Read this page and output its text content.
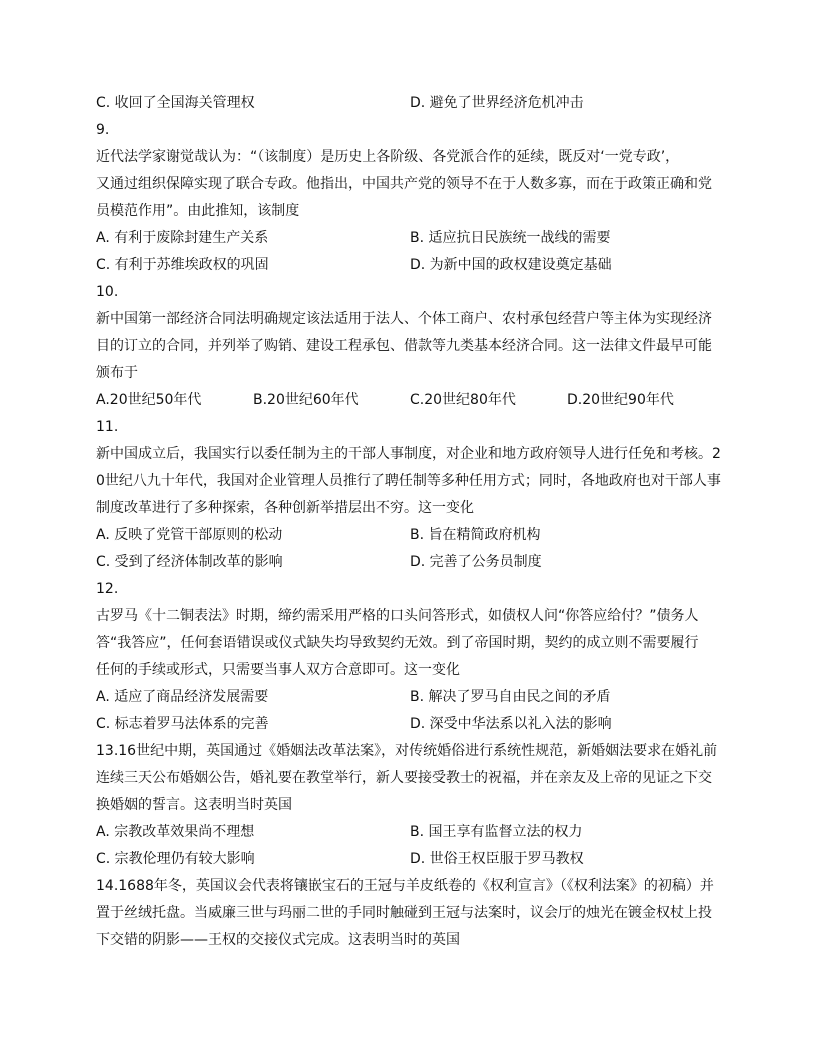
C. 收回了全国海关管理权	D. 避免了世界经济危机冲击
9.
近代法学家谢觉哉认为：“（该制度）是历史上各阶级、各党派合作的延续，既反对‘一党专政’，
又通过组织保障实现了联合专政。他指出，中国共产党的领导不在于人数多寡，而在于政策正确和党
员模范作用”。由此推知，该制度
A. 有利于废除封建生产关系	B. 适应抗日民族统一战线的需要
C. 有利于苏维埃政权的巩固	D. 为新中国的政权建设奠定基础
10.
新中国第一部经济合同法明确规定该法适用于法人、个体工商户、农村承包经营户等主体为实现经济
目的订立的合同，并列举了购销、建设工程承包、借款等九类基本经济合同。这一法律文件最早可能
颁布于
A.20世纪50年代	B.20世纪60年代	C.20世纪80年代	D.20世纪90年代
11.
新中国成立后，我国实行以委任制为主的干部人事制度，对企业和地方政府领导人进行任免和考核。2
0世纪八九十年代，我国对企业管理人员推行了聘任制等多种任用方式；同时，各地政府也对干部人事
制度改革进行了多种探索，各种创新举措层出不穷。这一变化
A. 反映了党管干部原则的松动	B. 旨在精简政府机构
C. 受到了经济体制改革的影响	D. 完善了公务员制度
12.
古罗马《十二铜表法》时期，缔约需采用严格的口头问答形式，如债权人问“你答应给付？”债务人
答“我答应”，任何套语错误或仪式缺失均导致契约无效。到了帝国时期，契约的成立则不需要履行
任何的手续或形式，只需要当事人双方合意即可。这一变化
A. 适应了商品经济发展需要	B. 解决了罗马自由民之间的矛盾
C. 标志着罗马法体系的完善	D. 深受中华法系以礼入法的影响
13.16世纪中期，英国通过《婚姻法改革法案》，对传统婚俗进行系统性规范，新婚姻法要求在婚礼前
连续三天公布婚姻公告，婚礼要在教堂举行，新人要接受教士的祝福，并在亲友及上帝的见证之下交
换婚姻的誓言。这表明当时英国
A. 宗教改革效果尚不理想	B. 国王享有监督立法的权力
C. 宗教伦理仍有较大影响	D. 世俗王权臣服于罗马教权
14.1688年冬，英国议会代表将镶嵌宝石的王冠与羊皮纸卷的《权利宣言》（《权利法案》的初稿）并
置于丝绒托盘。当威廉三世与玛丽二世的手同时触碰到王冠与法案时，议会厅的烛光在镀金权杖上投
下交错的阴影——王权的交接仪式完成。这表明当时的英国
